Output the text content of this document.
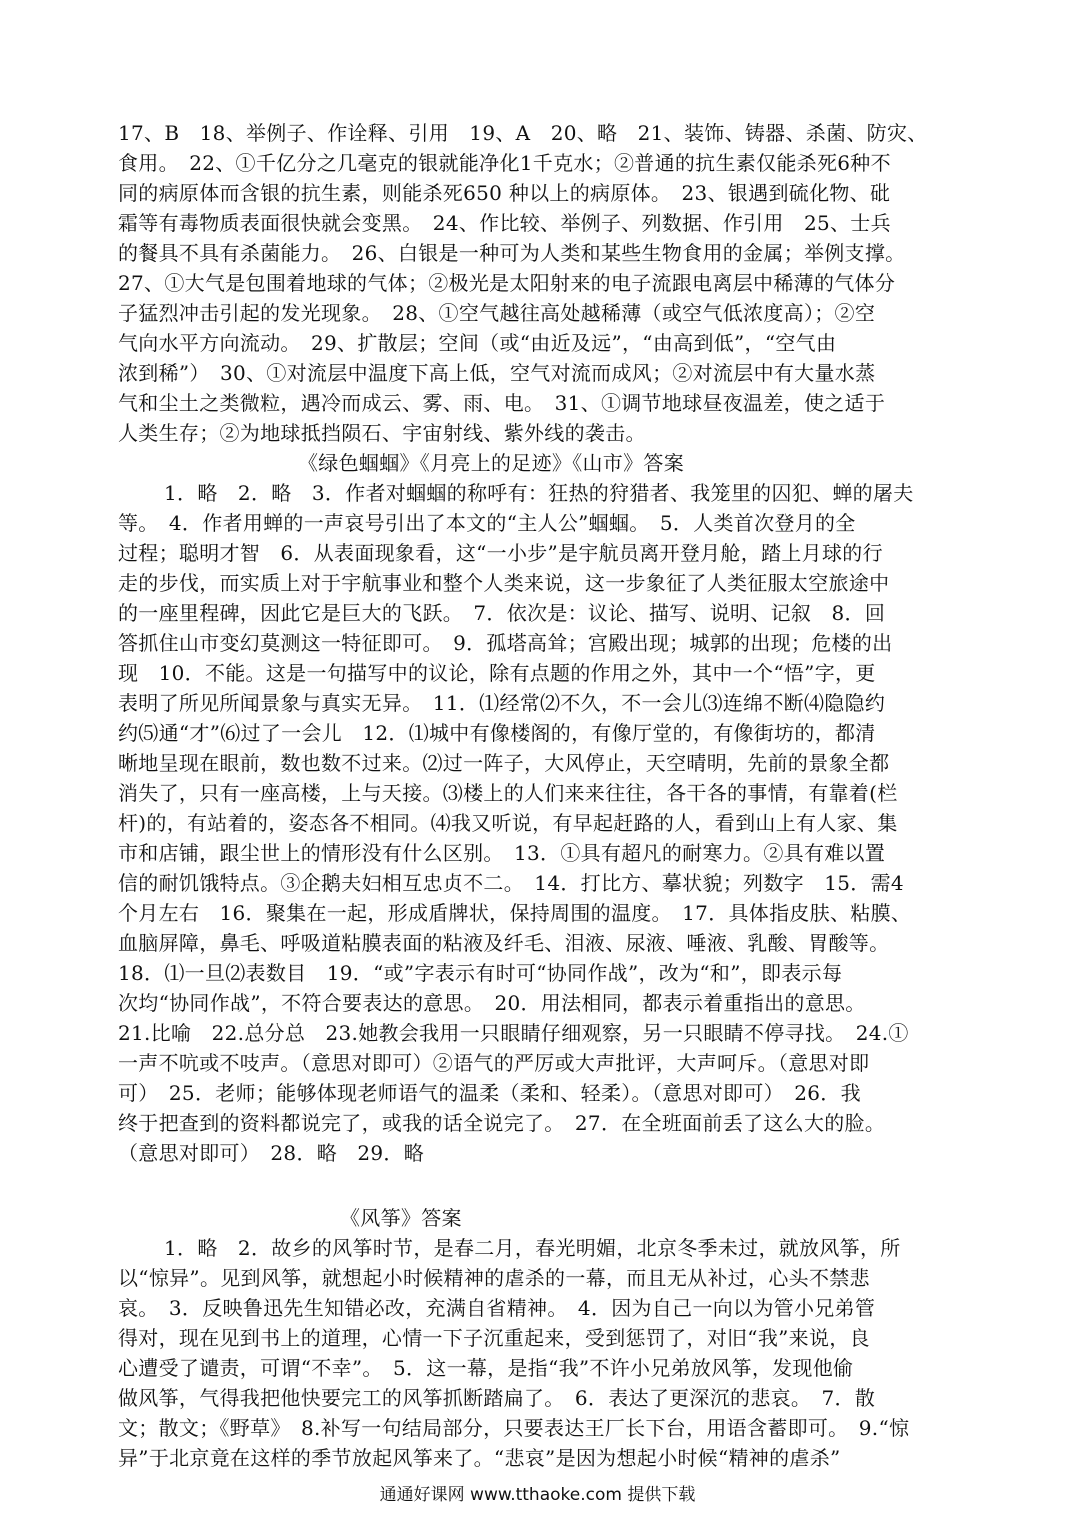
17、B　18、举例子、作诠释、引用　19、A　20、略　21、装饰、铸器、杀菌、防灾、
食用。　22、①千亿分之几毫克的银就能净化1千克水；②普通的抗生素仅能杀死6种不
同的病原体而含银的抗生素，则能杀死650 种以上的病原体。　23、银遇到硫化物、砒
霜等有毒物质表面很快就会变黑。　24、作比较、举例子、列数据、作引用　25、士兵
的餐具不具有杀菌能力。　26、白银是一种可为人类和某些生物食用的金属；举例支撑。
27、①大气是包围着地球的气体；②极光是太阳射来的电子流跟电离层中稀薄的气体分
子猛烈冲击引起的发光现象。　28、①空气越往高处越稀薄（或空气低浓度高）；②空
气向水平方向流动。　29、扩散层；空间（或“由近及远”，“由高到低”，“空气由
浓到稀”）　30、①对流层中温度下高上低，空气对流而成风；②对流层中有大量水蒸
气和尘土之类微粒，遇冷而成云、雾、雨、电。　31、①调节地球昼夜温差，使之适于
人类生存；②为地球抵挡陨石、宇宙射线、紫外线的袭击。
《绿色蝈蝈》《月亮上的足迹》《山市》答案
1．略　2．略　3．作者对蝈蝈的称呼有：狂热的狩猎者、我笼里的囚犯、蝉的屠夫
等。　4．作者用蝉的一声哀号引出了本文的“主人公”蝈蝈。　5．人类首次登月的全
过程；聪明才智　6．从表面现象看，这“一小步”是宇航员离开登月舱，踏上月球的行
走的步伐，而实质上对于宇航事业和整个人类来说，这一步象征了人类征服太空旅途中
的一座里程碑，因此它是巨大的飞跃。　7．依次是：议论、描写、说明、记叙　8．回
答抓住山市变幻莫测这一特征即可。　9．孤塔高耸；宫殿出现；城郭的出现；危楼的出
现　10．不能。这是一句描写中的议论，除有点题的作用之外，其中一个“悟”字，更
表明了所见所闻景象与真实无异。　11．⑴经常⑵不久，不一会儿⑶连绵不断⑷隐隐约
约⑸通“才”⑹过了一会儿　12．⑴城中有像楼阁的，有像厅堂的，有像街坊的，都清
晰地呈现在眼前，数也数不过来。⑵过一阵子，大风停止，天空晴明，先前的景象全都
消失了，只有一座高楼，上与天接。⑶楼上的人们来来往往，各干各的事情，有靠着(栏
杆)的，有站着的，姿态各不相同。⑷我又听说，有早起赶路的人，看到山上有人家、集
市和店铺，跟尘世上的情形没有什么区别。　13．①具有超凡的耐寒力。②具有难以置
信的耐饥饿特点。③企鹅夫妇相互忠贞不二。　14．打比方、摹状貌；列数字　15．需4
个月左右　16．聚集在一起，形成盾牌状，保持周围的温度。　17．具体指皮肤、粘膜、
血脑屏障，鼻毛、呼吸道粘膜表面的粘液及纤毛、泪液、尿液、唾液、乳酸、胃酸等。
18．⑴一旦⑵表数目　19．“或”字表示有时可“协同作战”，改为“和”，即表示每
次均“协同作战”，不符合要表达的意思。　20．用法相同，都表示着重指出的意思。
21.比喻　22.总分总　23.她教会我用一只眼睛仔细观察，另一只眼睛不停寻找。　24.①
一声不吭或不吱声。（意思对即可）②语气的严厉或大声批评，大声呵斥。（意思对即
可）　25．老师；能够体现老师语气的温柔（柔和、轻柔）。（意思对即可）　26．我
终于把查到的资料都说完了，或我的话全说完了。　27．在全班面前丢了这么大的脸。
（意思对即可）　28．略　29．略
《风筝》答案
1．略　2．故乡的风筝时节，是春二月，春光明媚，北京冬季未过，就放风筝，所
以“惊异”。见到风筝，就想起小时候精神的虐杀的一幕，而且无从补过，心头不禁悲
哀。　3．反映鲁迅先生知错必改，充满自省精神。　4．因为自己一向以为管小兄弟管
得对，现在见到书上的道理，心情一下子沉重起来，受到惩罚了，对旧“我”来说，良
心遭受了谴责，可谓“不幸”。　5．这一幕，是指“我”不许小兄弟放风筝，发现他偷
做风筝，气得我把他快要完工的风筝抓断踏扁了。　6．表达了更深沉的悲哀。　7．散
文；散文；《野草》　8.补写一句结局部分，只要表达王厂长下台，用语含蓄即可。　9.“惊
异”于北京竟在这样的季节放起风筝来了。“悲哀”是因为想起小时候“精神的虐杀”
通通好课网 www.tthaoke.com 提供下载
